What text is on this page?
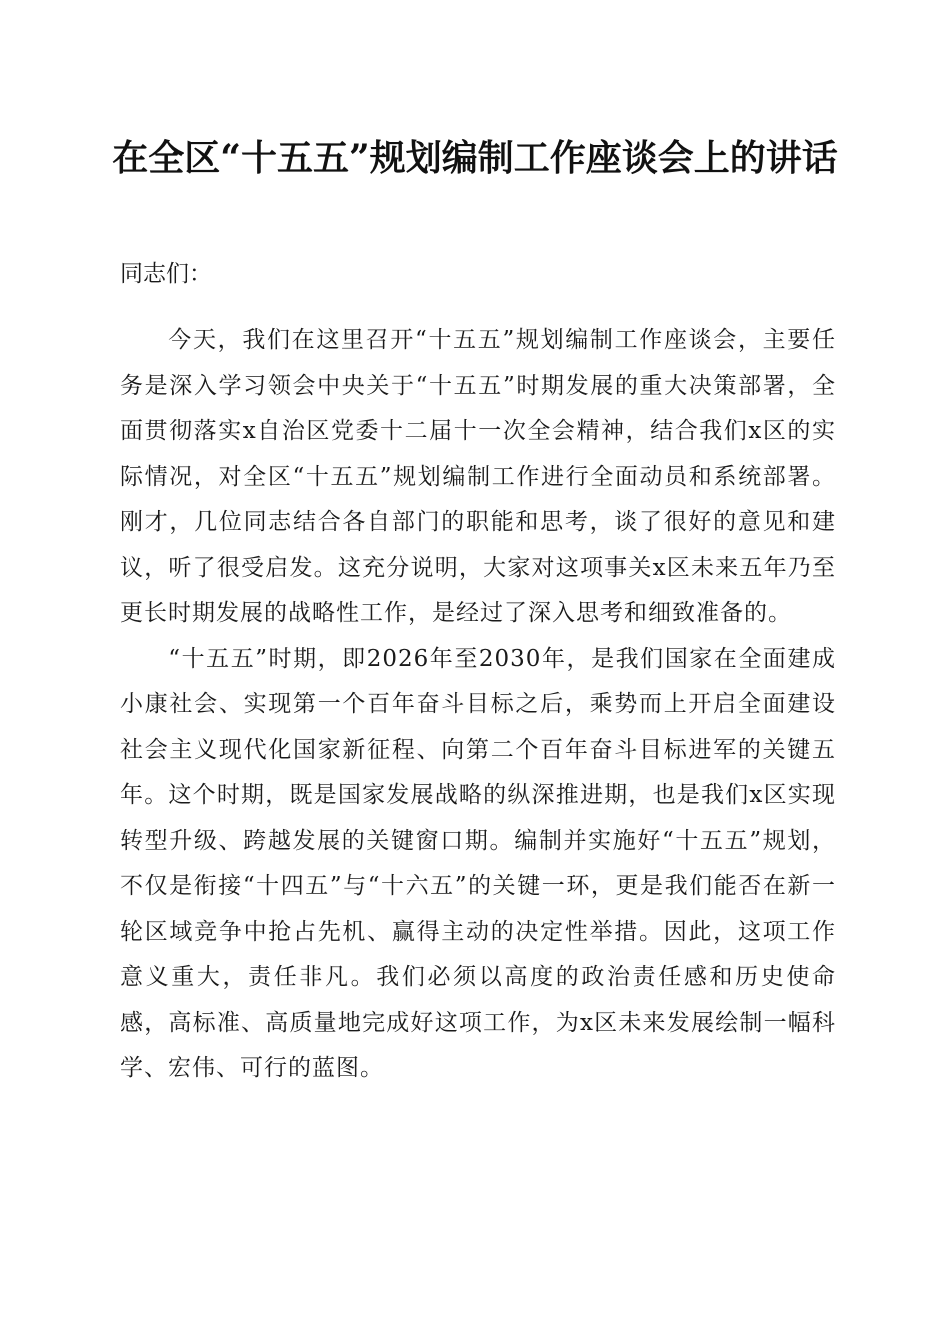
在全区“十五五”规划编制工作座谈会上的讲话
同志们：

今天，我们在这里召开“十五五”规划编制工作座谈会，主要任务是深入学习领会中央关于“十五五”时期发展的重大决策部署，全面贯彻落实x自治区党委十二届十一次全会精神，结合我们x区的实际情况，对全区“十五五”规划编制工作进行全面动员和系统部署。刚才，几位同志结合各自部门的职能和思考，谈了很好的意见和建议，听了很受启发。这充分说明，大家对这项事关x区未来五年乃至更长时期发展的战略性工作，是经过了深入思考和细致准备的。

“十五五”时期，即2026年至2030年，是我们国家在全面建成小康社会、实现第一个百年奋斗目标之后，乘势而上开启全面建设社会主义现代化国家新征程、向第二个百年奋斗目标进军的关键五年。这个时期，既是国家发展战略的纵深推进期，也是我们x区实现转型升级、跨越发展的关键窗口期。编制并实施好“十五五”规划，不仅是衔接“十四五”与“十六五”的关键一环，更是我们能否在新一轮区域竞争中抢占先机、赢得主动的决定性举措。因此，这项工作意义重大，责任非凡。我们必须以高度的政治责任感和历史使命感，高标准、高质量地完成好这项工作，为x区未来发展绘制一幅科学、宏伟、可行的蓝图。
